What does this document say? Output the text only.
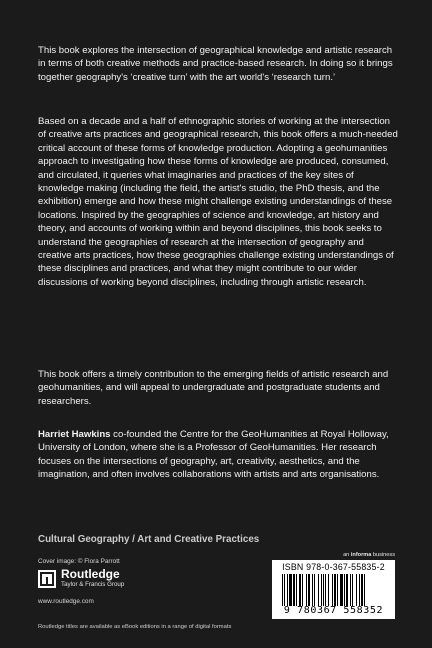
This book explores the intersection of geographical knowledge and artistic research in terms of both creative methods and practice-based research. In doing so it brings together geography's ‘creative turn’ with the art world's ‘research turn.’
Based on a decade and a half of ethnographic stories of working at the intersection of creative arts practices and geographical research, this book offers a much-needed critical account of these forms of knowledge production. Adopting a geohumanities approach to investigating how these forms of knowledge are produced, consumed, and circulated, it queries what imaginaries and practices of the key sites of knowledge making (including the field, the artist's studio, the PhD thesis, and the exhibition) emerge and how these might challenge existing understandings of these locations. Inspired by the geographies of science and knowledge, art history and theory, and accounts of working within and beyond disciplines, this book seeks to understand the geographies of research at the intersection of geography and creative arts practices, how these geographies challenge existing understandings of these disciplines and practices, and what they might contribute to our wider discussions of working beyond disciplines, including through artistic research.
This book offers a timely contribution to the emerging fields of artistic research and geohumanities, and will appeal to undergraduate and postgraduate students and researchers.
Harriet Hawkins co-founded the Centre for the GeoHumanities at Royal Holloway, University of London, where she is a Professor of GeoHumanities. Her research focuses on the intersections of geography, art, creativity, aesthetics, and the imagination, and often involves collaborations with artists and arts organisations.
Cultural Geography / Art and Creative Practices
Cover image: © Flora Parrott
Routledge
Taylor & Francis Group
www.routledge.com
Routledge titles are available as eBook editions in a range of digital formats
an informa business
ISBN 978-0-367-55835-2
9 780367 558352
